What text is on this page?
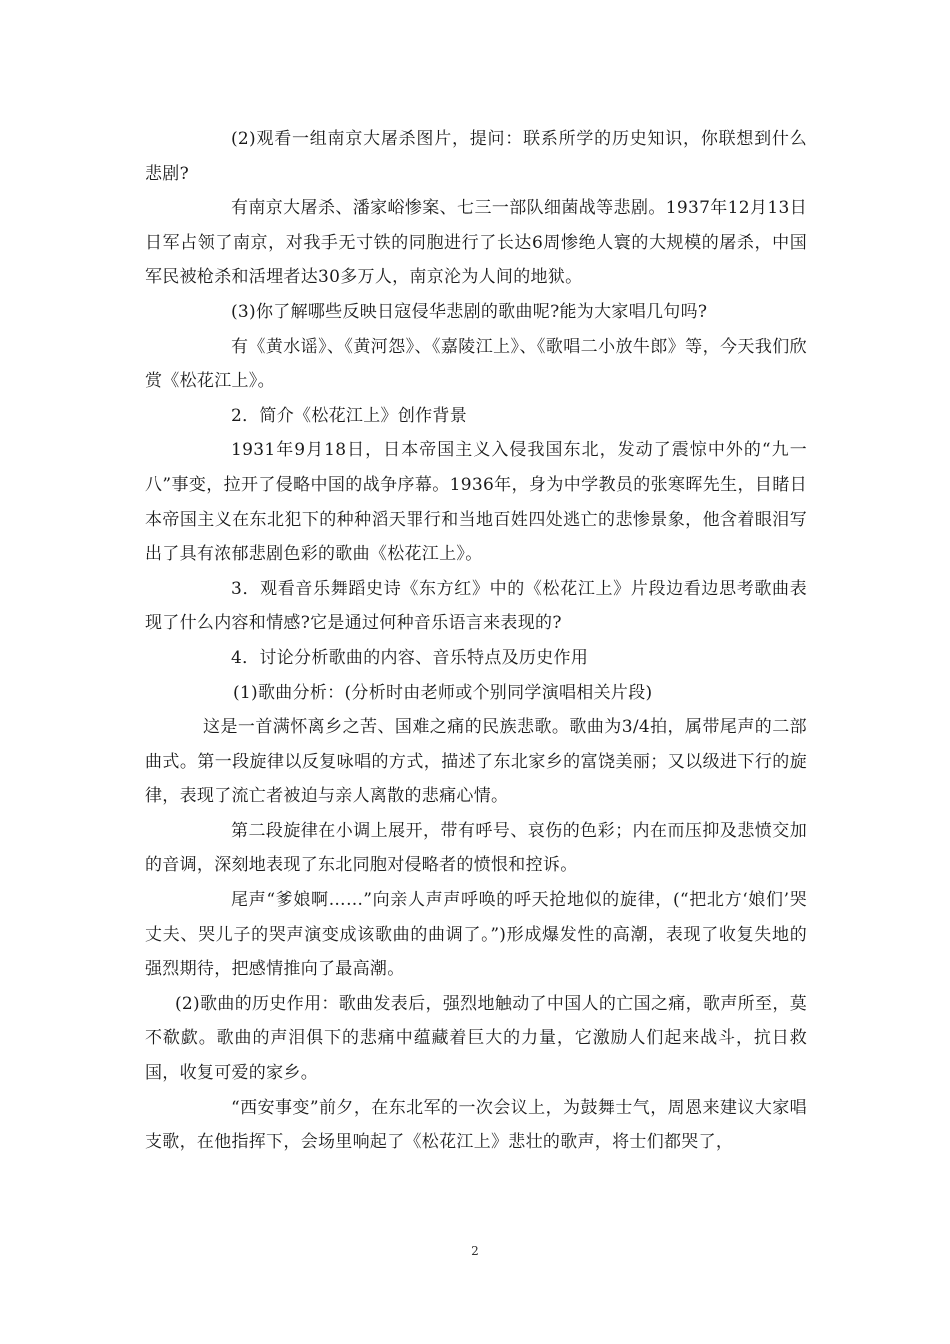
(2)观看一组南京大屠杀图片，提问：联系所学的历史知识，你联想到什么悲剧?

有南京大屠杀、潘家峪惨案、七三一部队细菌战等悲剧。1937年12月13日日军占领了南京，对我手无寸铁的同胞进行了长达6周惨绝人寰的大规模的屠杀，中国军民被枪杀和活埋者达30多万人，南京沦为人间的地狱。

(3)你了解哪些反映日寇侵华悲剧的歌曲呢?能为大家唱几句吗?

有《黄水谣》、《黄河怨》、《嘉陵江上》、《歌唱二小放牛郎》等，今天我们欣赏《松花江上》。

2．简介《松花江上》创作背景

1931年9月18日，日本帝国主义入侵我国东北，发动了震惊中外的“九一八”事变，拉开了侵略中国的战争序幕。1936年，身为中学教员的张寒晖先生，目睹日本帝国主义在东北犯下的种种滔天罪行和当地百姓四处逃亡的悲惨景象，他含着眼泪写出了具有浓郁悲剧色彩的歌曲《松花江上》。

3．观看音乐舞蹈史诗《东方红》中的《松花江上》片段边看边思考歌曲表现了什么内容和情感?它是通过何种音乐语言来表现的?

4．讨论分析歌曲的内容、音乐特点及历史作用

(1)歌曲分析：(分析时由老师或个别同学演唱相关片段)

这是一首满怀离乡之苦、国难之痛的民族悲歌。歌曲为3/4拍，属带尾声的二部曲式。第一段旋律以反复咏唱的方式，描述了东北家乡的富饶美丽；又以级进下行的旋律，表现了流亡者被迫与亲人离散的悲痛心情。

第二段旋律在小调上展开，带有呼号、哀伤的色彩；内在而压抑及悲愤交加的音调，深刻地表现了东北同胞对侵略者的愤恨和控诉。

尾声“爹娘啊……”向亲人声声呼唤的呼天抢地似的旋律，(“把北方‘娘们’哭丈夫、哭儿子的哭声演变成该歌曲的曲调了。”)形成爆发性的高潮，表现了收复失地的强烈期待，把感情推向了最高潮。

(2)歌曲的历史作用：歌曲发表后，强烈地触动了中国人的亡国之痛，歌声所至，莫不欷歔。歌曲的声泪俱下的悲痛中蕴藏着巨大的力量，它激励人们起来战斗，抗日救国，收复可爱的家乡。

“西安事变”前夕，在东北军的一次会议上，为鼓舞士气，周恩来建议大家唱支歌，在他指挥下，会场里响起了《松花江上》悲壮的歌声，将士们都哭了，

2
